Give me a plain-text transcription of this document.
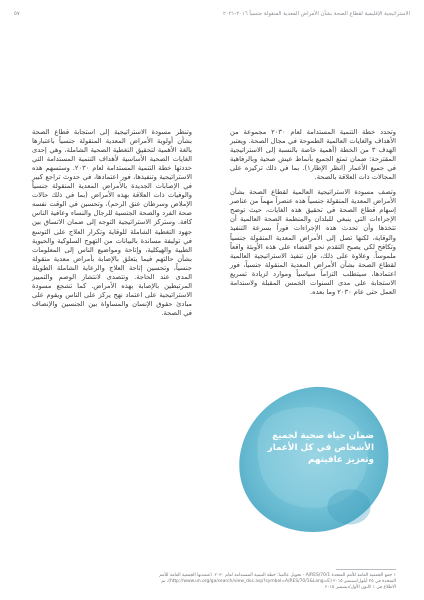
الاستراتيجية الإقليمية لقطاع الصحة بشأن الأمراض المعدية المنقولة جنسياً ٢٠١٦-٢٠٢١
٥٧

وتحدد خطة التنمية المستدامة لعام ٢٠٣٠ مجموعة من الأهداف والغايات العالمية الطموحة في مجال الصحة. ويعتبر الهدف ٣ من الخطة (أهمية خاصة بالنسبة إلى الاستراتيجية المقترحة: ضمان تمتع الجميع بأنماط عيش صحية وبالرفاهية في جميع الأعمار (انظر الإطار١). بما في ذلك تركيزه على المجالات ذات العلاقة بالصحة.

وتصف مسودة الاستراتيجية العالمية لقطاع الصحة بشأن الأمراض المعدية المنقولة جنسياً هذه عنصراً مهماً من عناصر إسهام قطاع الصحة في تحقيق هذه الغايات، حيث توضح الإجراءات التي ينبغي للبلدان والمنظمة الصحة العالمية أن تتخذها وأن تحدث هذه الإجراءات فوراً بسرعة التنفيذ والوقاية، لكنها تصل إلى الأمراض المعدية المنقولة جنسياً وتكافح لكي يصبح التقدم نحو القضاء على هذه الأوبئة واقعاً ملموساً. وعلاوة على ذلك، فإن تنفيذ الاستراتيجية العالمية لقطاع الصحة بشأن الأمراض المعدية المنقولة جنسياً، فور اعتمادها، سيتطلب التزاماً سياسياً وموارد لزيادة تسريع الاستجابة على مدى السنوات الخمس المقبلة ولاستدامة العمل حتى عام ٢٠٣٠ وما بعده.

وتنظر مسودة الاستراتيجية إلى استجابة قطاع الصحة بشأن أولوية الأمراض المعدية المنقولة جنسياً باعتبارها بالغة الأهمية لتحقيق التغطية الصحية الشاملة، وهي إحدى الغايات الصحية الأساسية لأهداف التنمية المستدامة التي حددتها خطة التنمية المستدامة لعام ٢٠٣٠. وستسهم هذه الاستراتيجية وتنفيذها، فور اعتمادها، في حدوث تراجع كبير في الإصابات الجديدة بالأمراض المعدية المنقولة جنسياً والوفيات ذات العلاقة بهذه الأمراض (بما في ذلك حالات الإملاص وسرطان عنق الرحم)، وتحسين في الوقت نفسه صحة الفرد والصحة الجنسية للرجال والنساء وعافية الناس كافة. وستركز الاستراتيجية التوجه إلى ضمان الاتساق بين جهود التغطية الشاملة للوقاية وتكرار العلاج على التوسع في توليفة مساندة بالبيانات من التهوج السلوكية والحيوية الطبية والهيكلية، وإتاحة ومواضيع الناس إلى المعلومات بشأن حالتهم فيما يتعلق بالإصابة بأمراض معدية منقولة جنسياً، وتحسين إتاحة العلاج والرعاية الشاملة الطويلة المدى عند الحاجة. وتتصدى لانتشار الوصم والتمييز المرتبطين بالإصابة بهذه الأمراض. كما تشجع مسودة الاستراتيجية على اعتماد نهج يركز على الناس ويقوم على مبادئ حقوق الإنسان والمساواة بين الجنسين والإنصاف في الصحة.

ضمان حياة صحية لجميع الأشخاص في كل الأعمار وتعزيز عافيتهم
١ جمع الجمعية العامة للأمم المتحدة A/RES/70/1 - تحويل عالمنا: خطة التنمية المستدامة لعام ٢٠٣٠. اعتمدتها الجمعية العامة للأمم المتحدة في ٢٥ أيلول/سبتمبر ٢٠١٥ (http://www.un.org/ga/search/view_doc.asp?symbol=A/RES/70/1&Lang=E)، تم الاطلاع في ١ كانون الأول/ديسمبر ٢٠١٥
